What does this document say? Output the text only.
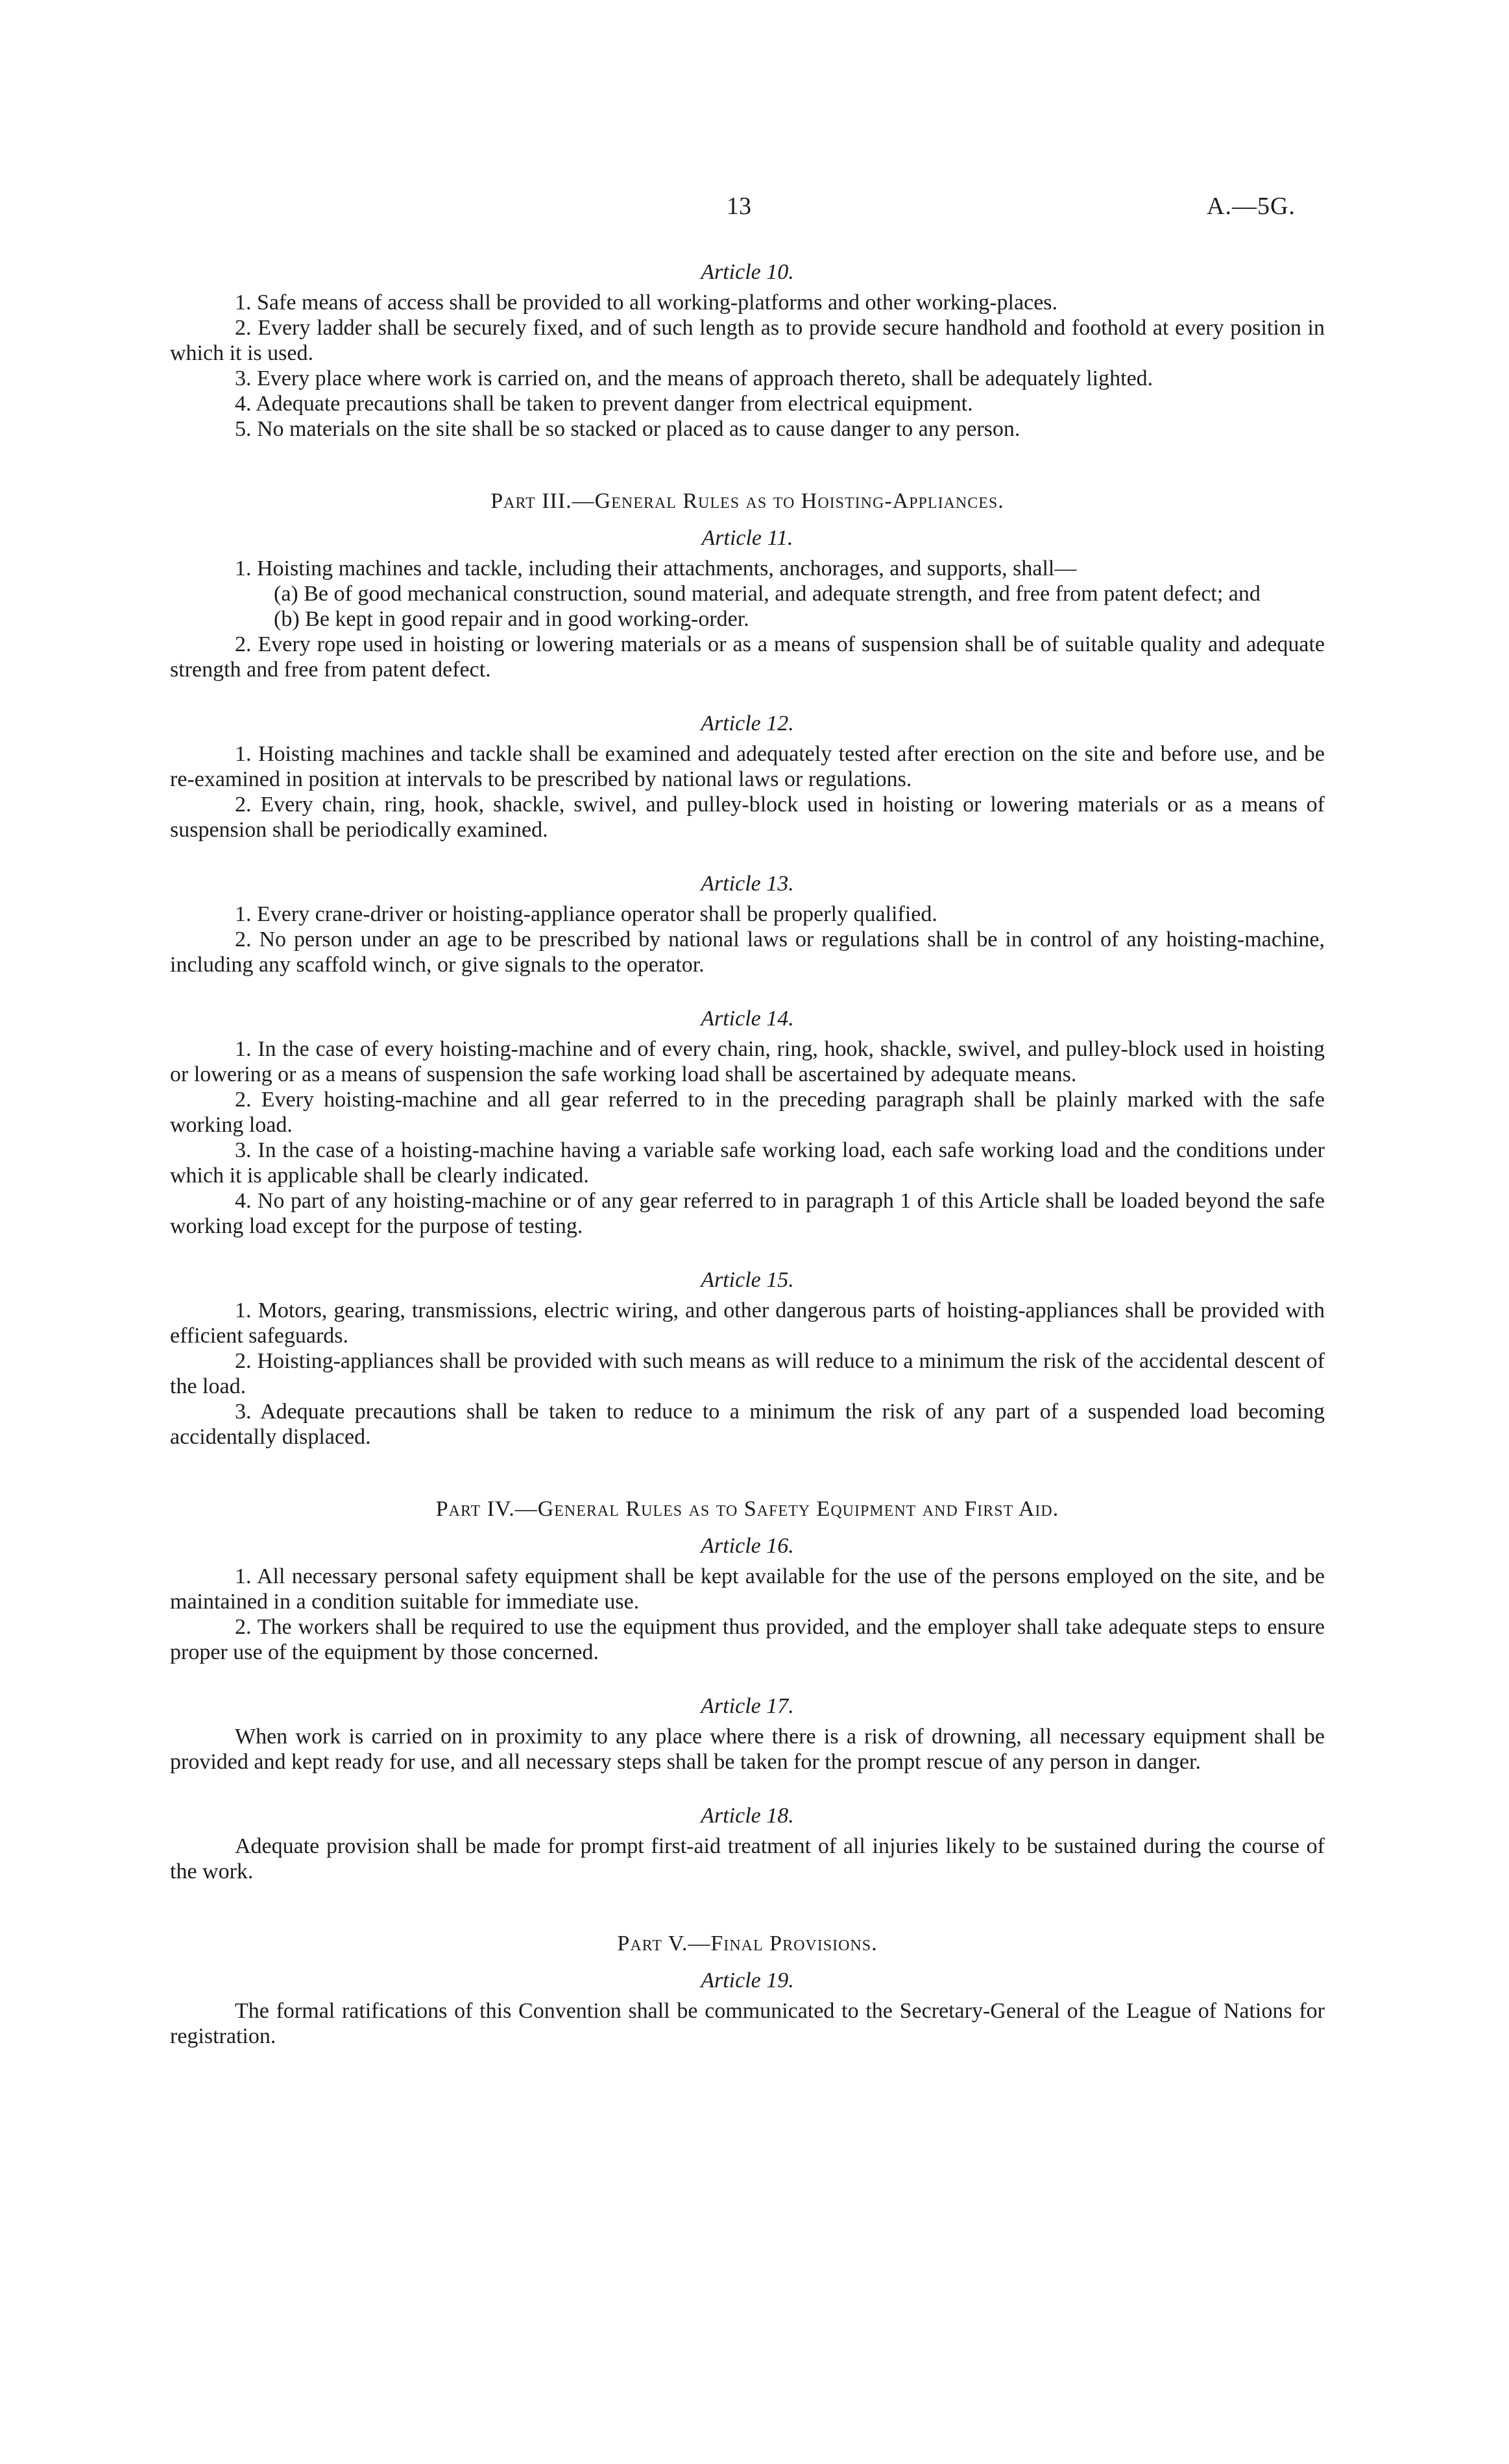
13	A.—5G.
Article 10.

1. Safe means of access shall be provided to all working-platforms and other working-places.

2. Every ladder shall be securely fixed, and of such length as to provide secure handhold and foothold at every position in which it is used.

3. Every place where work is carried on, and the means of approach thereto, shall be adequately lighted.

4. Adequate precautions shall be taken to prevent danger from electrical equipment.

5. No materials on the site shall be so stacked or placed as to cause danger to any person.

Part III.—General Rules as to Hoisting-Appliances.
Article 11.

1. Hoisting machines and tackle, including their attachments, anchorages, and supports, shall—

(a) Be of good mechanical construction, sound material, and adequate strength, and free from patent defect; and

(b) Be kept in good repair and in good working-order.

2. Every rope used in hoisting or lowering materials or as a means of suspension shall be of suitable quality and adequate strength and free from patent defect.

Article 12.

1. Hoisting machines and tackle shall be examined and adequately tested after erection on the site and before use, and be re-examined in position at intervals to be prescribed by national laws or regulations.

2. Every chain, ring, hook, shackle, swivel, and pulley-block used in hoisting or lowering materials or as a means of suspension shall be periodically examined.

Article 13.

1. Every crane-driver or hoisting-appliance operator shall be properly qualified.

2. No person under an age to be prescribed by national laws or regulations shall be in control of any hoisting-machine, including any scaffold winch, or give signals to the operator.

Article 14.

1. In the case of every hoisting-machine and of every chain, ring, hook, shackle, swivel, and pulley-block used in hoisting or lowering or as a means of suspension the safe working load shall be ascertained by adequate means.

2. Every hoisting-machine and all gear referred to in the preceding paragraph shall be plainly marked with the safe working load.

3. In the case of a hoisting-machine having a variable safe working load, each safe working load and the conditions under which it is applicable shall be clearly indicated.

4. No part of any hoisting-machine or of any gear referred to in paragraph 1 of this Article shall be loaded beyond the safe working load except for the purpose of testing.

Article 15.

1. Motors, gearing, transmissions, electric wiring, and other dangerous parts of hoisting-appliances shall be provided with efficient safeguards.

2. Hoisting-appliances shall be provided with such means as will reduce to a minimum the risk of the accidental descent of the load.

3. Adequate precautions shall be taken to reduce to a minimum the risk of any part of a suspended load becoming accidentally displaced.

Part IV.—General Rules as to Safety Equipment and First Aid.
Article 16.

1. All necessary personal safety equipment shall be kept available for the use of the persons employed on the site, and be maintained in a condition suitable for immediate use.

2. The workers shall be required to use the equipment thus provided, and the employer shall take adequate steps to ensure proper use of the equipment by those concerned.

Article 17.

When work is carried on in proximity to any place where there is a risk of drowning, all necessary equipment shall be provided and kept ready for use, and all necessary steps shall be taken for the prompt rescue of any person in danger.

Article 18.

Adequate provision shall be made for prompt first-aid treatment of all injuries likely to be sustained during the course of the work.

Part V.—Final Provisions.
Article 19.

The formal ratifications of this Convention shall be communicated to the Secretary-General of the League of Nations for registration.
